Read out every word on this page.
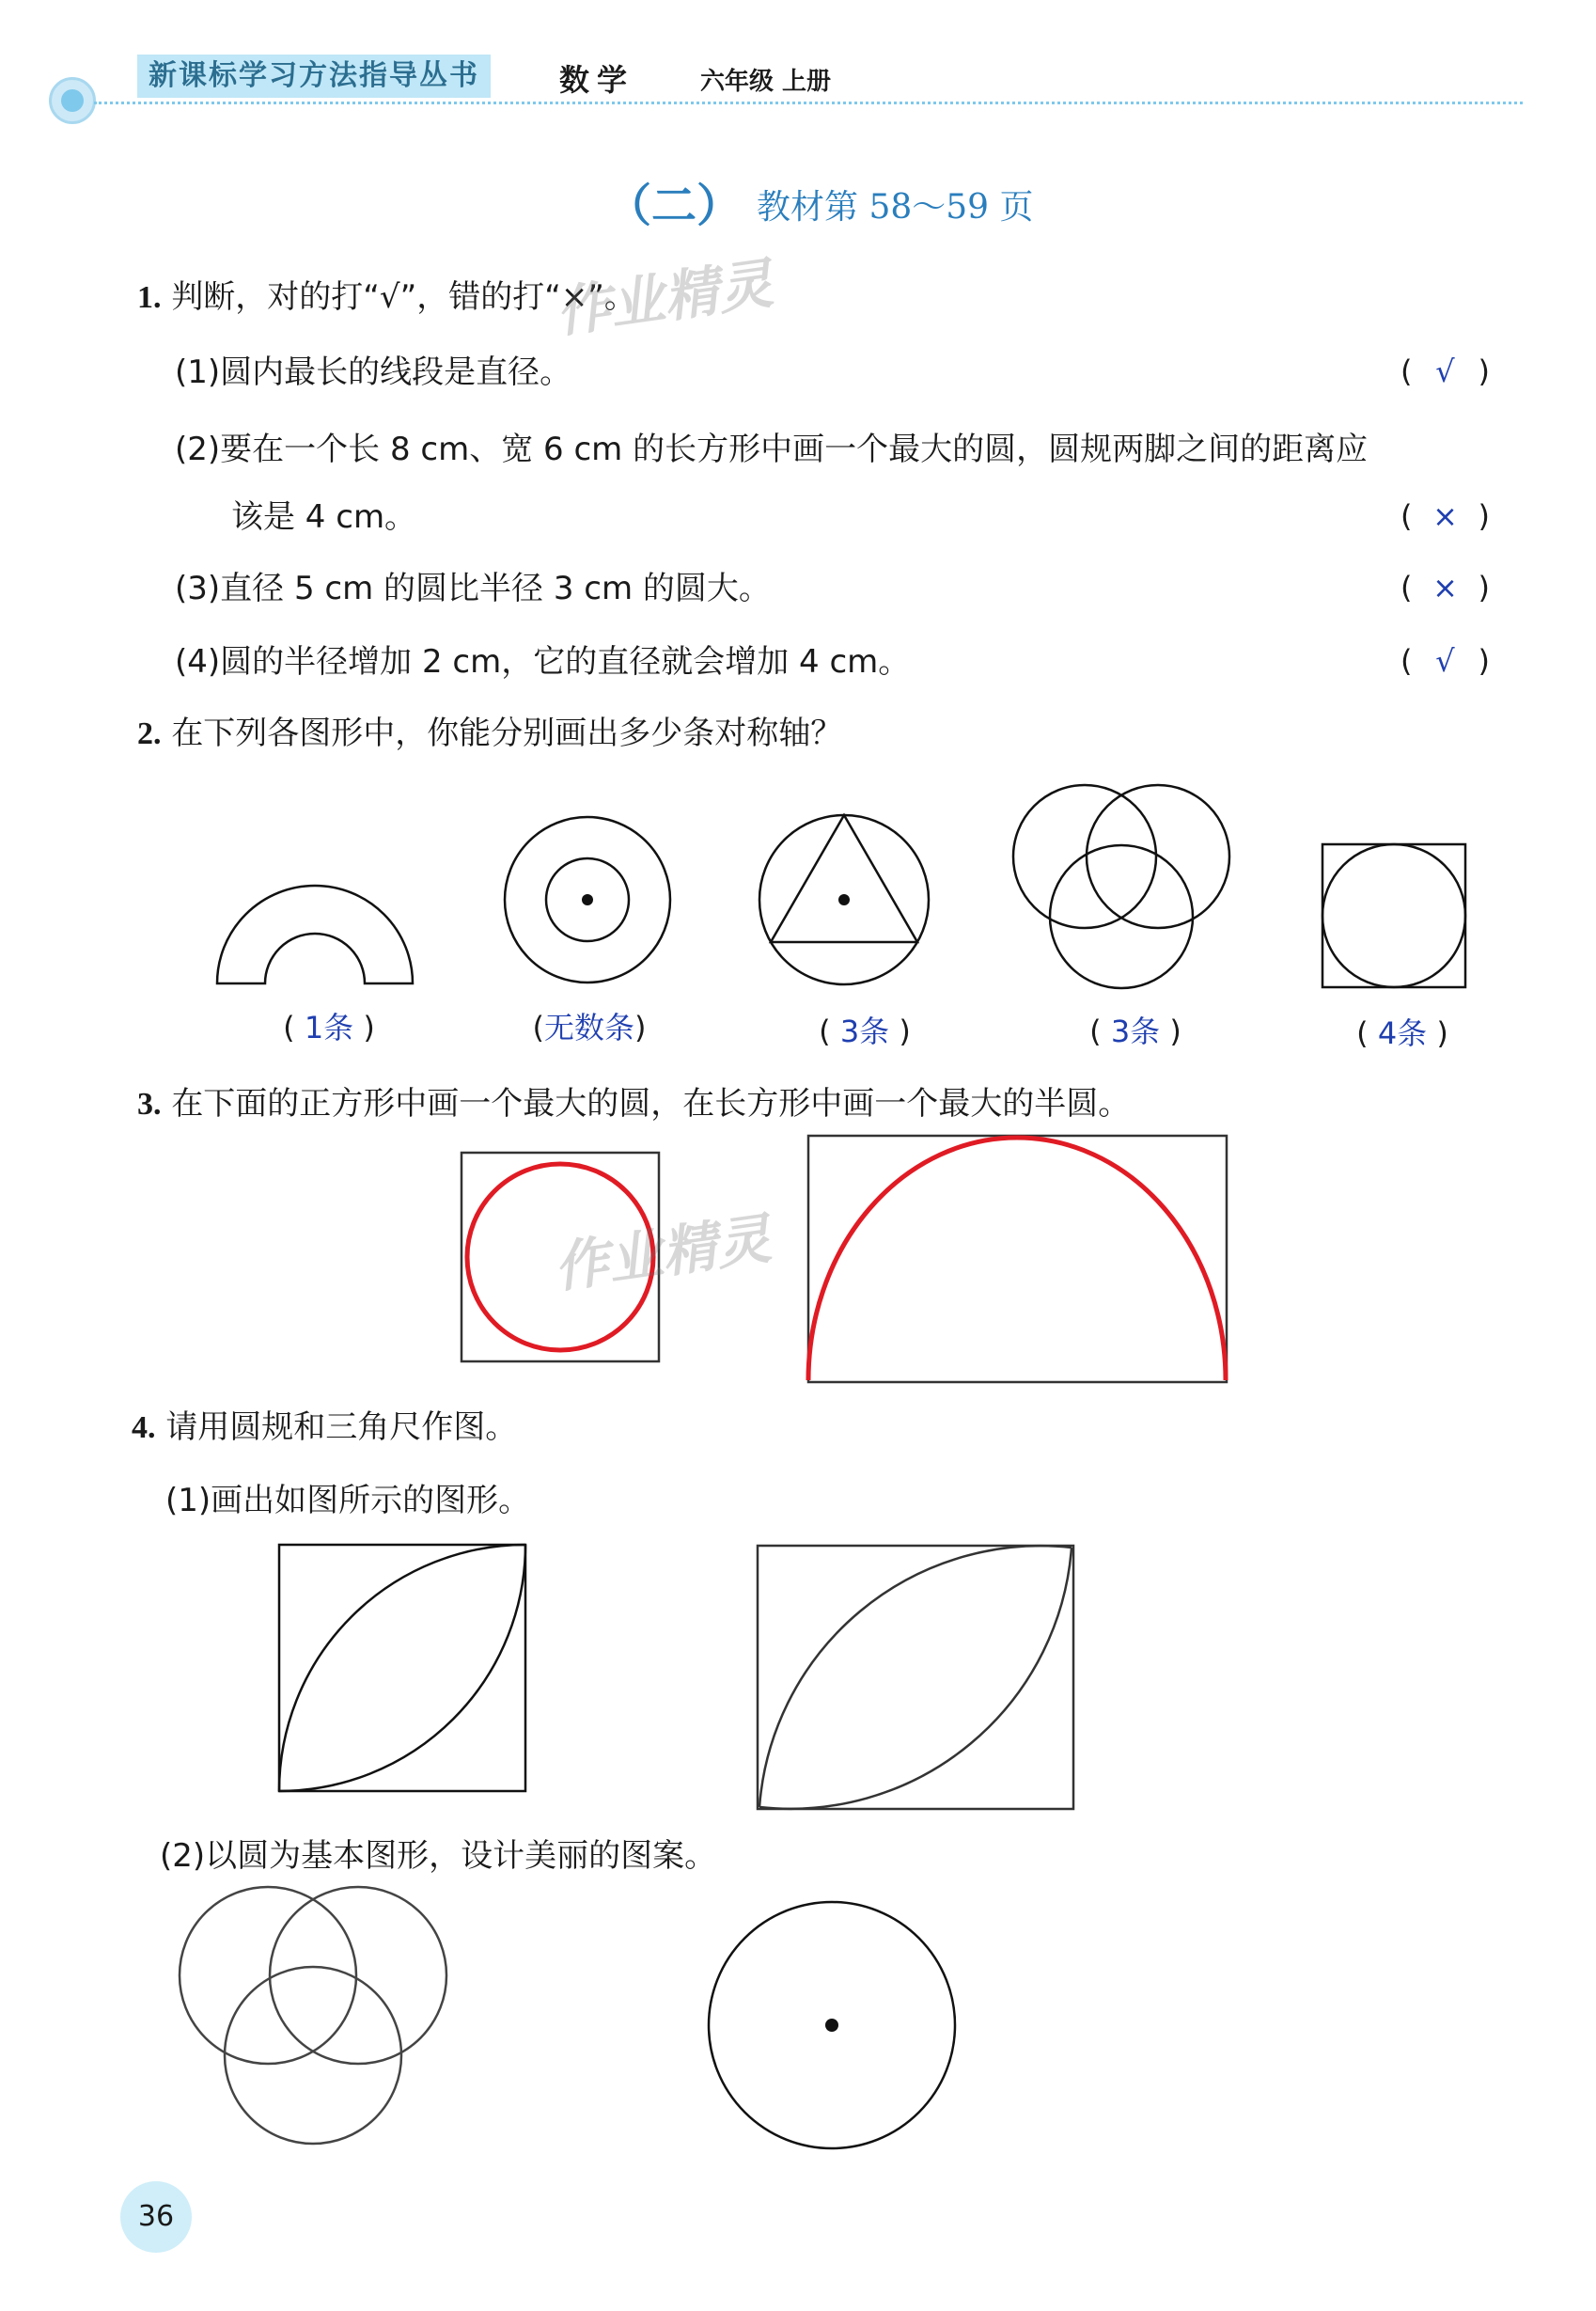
新课标学习方法指导丛书	数学	六年级 上册
（二） 教材第 58～59 页
1. 判断，对的打“√”，错的打“×”。
作业精灵
(1)圆内最长的线段是直径。	( √ )
(2)要在一个长 8 cm、宽 6 cm 的长方形中画一个最大的圆，圆规两脚之间的距离应
该是 4 cm。	( × )
(3)直径 5 cm 的圆比半径 3 cm 的圆大。	( × )
(4)圆的半径增加 2 cm，它的直径就会增加 4 cm。	( √ )
2. 在下列各图形中，你能分别画出多少条对称轴？
( 1条 )	(无数条)	( 3条 )	( 3条 )	( 4条 )
3. 在下面的正方形中画一个最大的圆，在长方形中画一个最大的半圆。
作业精灵
4. 请用圆规和三角尺作图。
(1)画出如图所示的图形。
(2)以圆为基本图形，设计美丽的图案。
36
